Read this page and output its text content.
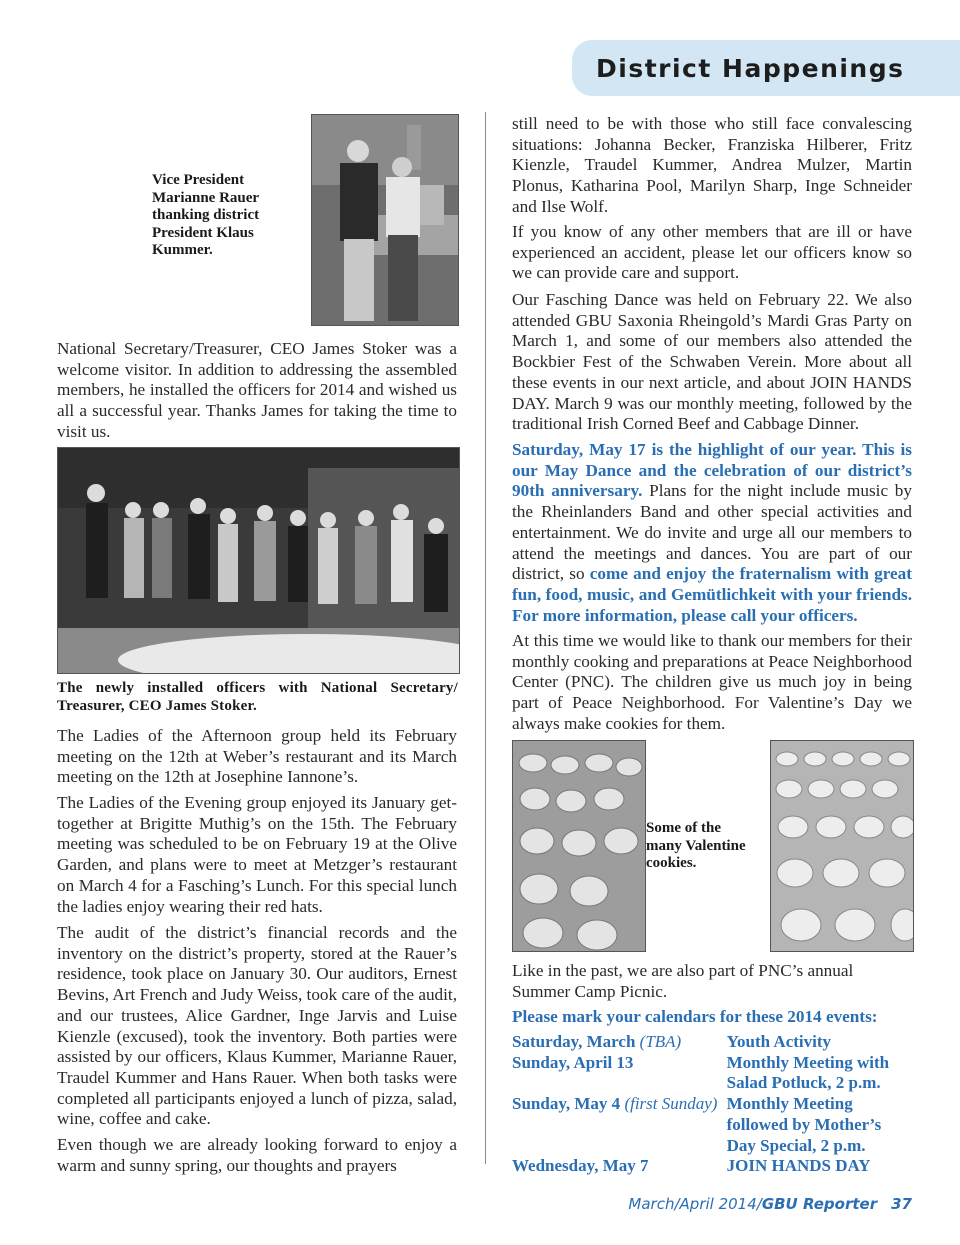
District Happenings
Vice President Marianne Rauer thanking district President Klaus Kummer.

National Secretary/Treasurer, CEO James Stoker was a welcome visitor. In addition to addressing the assembled members, he installed the officers for 2014 and wished us all a successful year. Thanks James for taking the time to visit us.

The newly installed officers with National Secretary/ Treasurer, CEO James Stoker.

The Ladies of the Afternoon group held its February meeting on the 12th at Weber’s restaurant and its March meeting on the 12th at Josephine Iannone’s.

The Ladies of the Evening group enjoyed its January get-together at Brigitte Muthig’s on the 15th. The February meeting was scheduled to be on February 19 at the Olive Garden, and plans were to meet at Metzger’s restaurant on March 4 for a Fasching’s Lunch. For this special lunch the ladies enjoy wearing their red hats.

The audit of the district’s financial records and the inventory on the district’s property, stored at the Rauer’s residence, took place on January 30. Our auditors, Ernest Bevins, Art French and Judy Weiss, took care of the audit, and our trustees, Alice Gardner, Inge Jarvis and Luise Kienzle (excused), took the inventory. Both parties were assisted by our officers, Klaus Kummer, Marianne Rauer, Traudel Kummer and Hans Rauer. When both tasks were completed all participants enjoyed a lunch of pizza, salad, wine, coffee and cake.

Even though we are already looking forward to enjoy a warm and sunny spring, our thoughts and prayers

still need to be with those who still face convalescing situations: Johanna Becker, Franziska Hilberer, Fritz Kienzle, Traudel Kummer, Andrea Mulzer, Martin Plonus, Katharina Pool, Marilyn Sharp, Inge Schneider and Ilse Wolf.

If you know of any other members that are ill or have experienced an accident, please let our officers know so we can provide care and support.

Our Fasching Dance was held on February 22. We also attended GBU Saxonia Rheingold’s Mardi Gras Party on March 1, and some of our members also attended the Bockbier Fest of the Schwaben Verein. More about all these events in our next article, and about JOIN HANDS DAY. March 9 was our monthly meeting, followed by the traditional Irish Corned Beef and Cabbage Dinner.

Saturday, May 17 is the highlight of our year. This is our May Dance and the celebration of our district’s 90th anniversary. Plans for the night include music by the Rheinlanders Band and other special activities and entertainment. We do invite and urge all our members to attend the meetings and dances. You are part of our district, so come and enjoy the fraternalism with great fun, food, music, and Gemütlichkeit with your friends. For more information, please call your officers.

At this time we would like to thank our members for their monthly cooking and preparations at Peace Neighborhood Center (PNC). The children give us much joy in being part of Peace Neighborhood. For Valentine’s Day we always make cookies for them.

Some of the many Valentine cookies.

Like in the past, we are also part of PNC’s annual Summer Camp Picnic.

Please mark your calendars for these 2014 events:

Saturday, March (TBA)	Youth Activity
Sunday, April 13	Monthly Meeting with Salad Potluck, 2 p.m.
Sunday, May 4 (first Sunday) Monthly Meeting followed by Mother’s Day Special, 2 p.m.
Wednesday, May 7	JOIN HANDS DAY
March/April 2014/GBU Reporter 37
